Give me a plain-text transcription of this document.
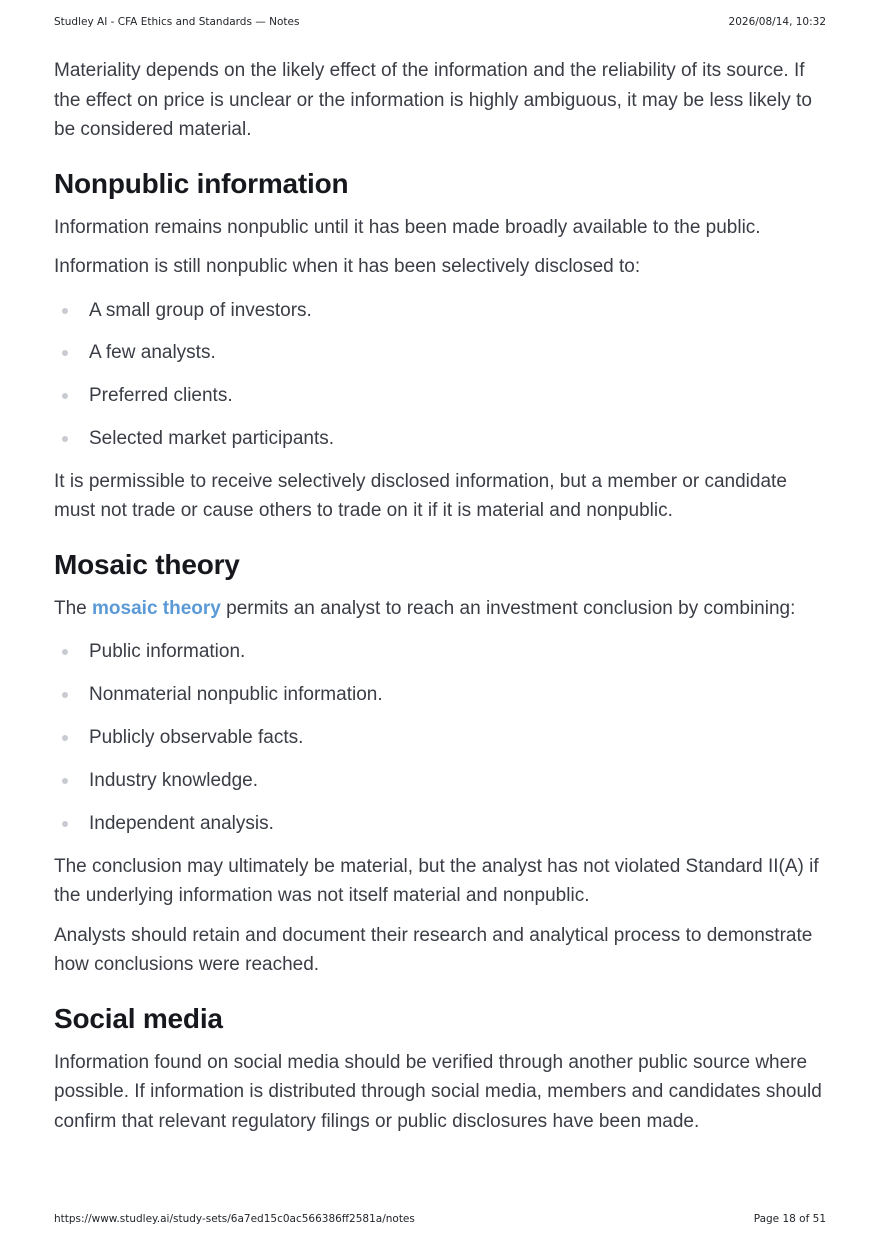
Studley AI - CFA Ethics and Standards — Notes	2026/08/14, 10:32

Materiality depends on the likely effect of the information and the reliability of its source. If the effect on price is unclear or the information is highly ambiguous, it may be less likely to be considered material.

Nonpublic information

Information remains nonpublic until it has been made broadly available to the public.

Information is still nonpublic when it has been selectively disclosed to:

A small group of investors.
A few analysts.
Preferred clients.
Selected market participants.

It is permissible to receive selectively disclosed information, but a member or candidate must not trade or cause others to trade on it if it is material and nonpublic.

Mosaic theory

The mosaic theory permits an analyst to reach an investment conclusion by combining:

Public information.
Nonmaterial nonpublic information.
Publicly observable facts.
Industry knowledge.
Independent analysis.

The conclusion may ultimately be material, but the analyst has not violated Standard II(A) if the underlying information was not itself material and nonpublic.

Analysts should retain and document their research and analytical process to demonstrate how conclusions were reached.

Social media

Information found on social media should be verified through another public source where possible. If information is distributed through social media, members and candidates should confirm that relevant regulatory filings or public disclosures have been made.

https://www.studley.ai/study-sets/6a7ed15c0ac566386ff2581a/notes	Page 18 of 51
